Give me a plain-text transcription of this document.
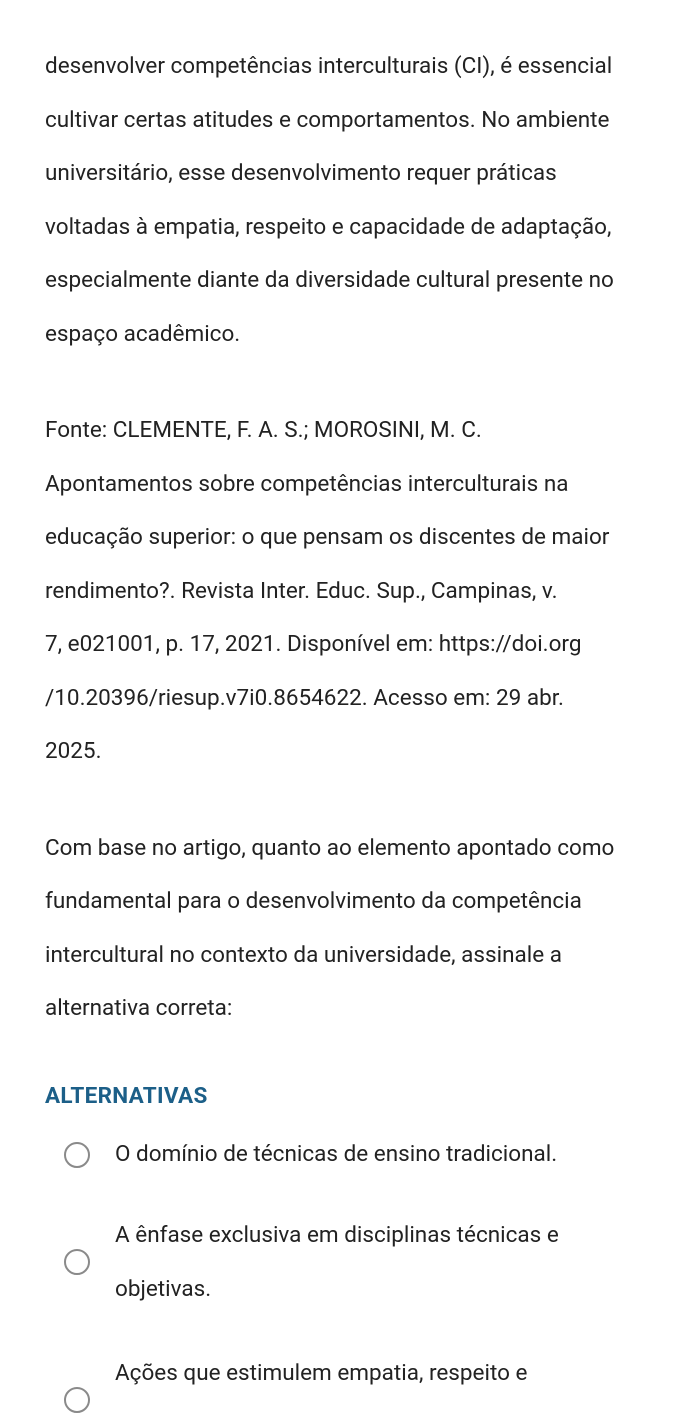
desenvolver competências interculturais (CI), é essencial
cultivar certas atitudes e comportamentos. No ambiente
universitário, esse desenvolvimento requer práticas
voltadas à empatia, respeito e capacidade de adaptação,
especialmente diante da diversidade cultural presente no
espaço acadêmico.

Fonte: CLEMENTE, F. A. S.; MOROSINI, M. C.
Apontamentos sobre competências interculturais na
educação superior: o que pensam os discentes de maior
rendimento?. Revista Inter. Educ. Sup., Campinas, v.
7, e021001, p. 17, 2021. Disponível em: https://doi.org
/10.20396/riesup.v7i0.8654622. Acesso em: 29 abr.
2025.

Com base no artigo, quanto ao elemento apontado como
fundamental para o desenvolvimento da competência
intercultural no contexto da universidade, assinale a
alternativa correta:

ALTERNATIVAS
O domínio de técnicas de ensino tradicional.
A ênfase exclusiva em disciplinas técnicas e
objetivas.
Ações que estimulem empatia, respeito e
